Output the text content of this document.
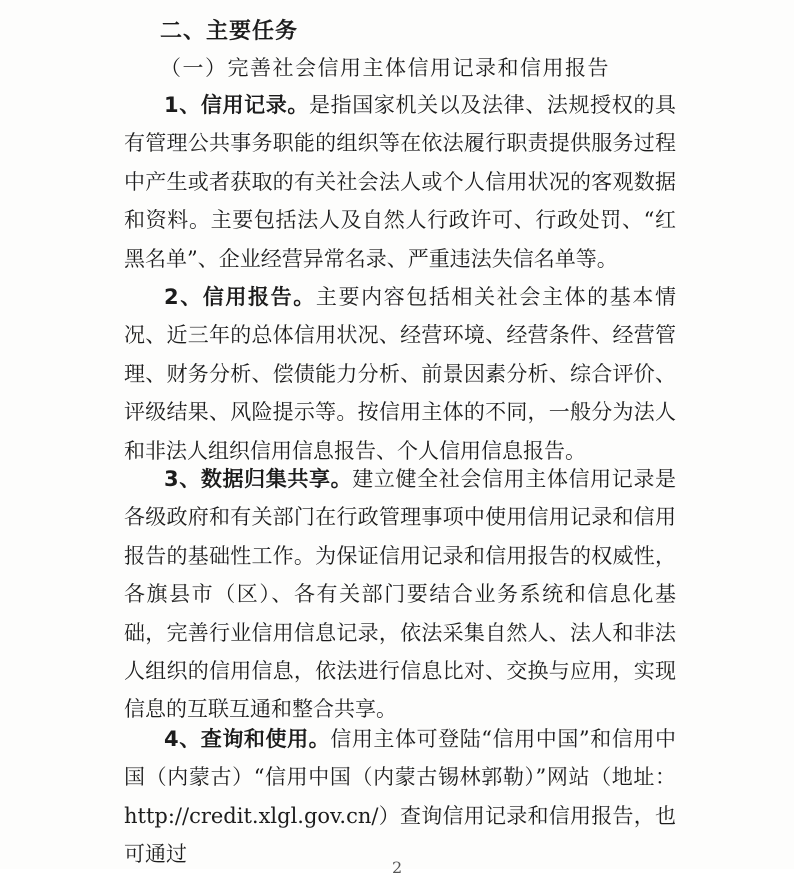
二、主要任务
（一）完善社会信用主体信用记录和信用报告

1、信用记录。是指国家机关以及法律、法规授权的具有管理公共事务职能的组织等在依法履行职责提供服务过程中产生或者获取的有关社会法人或个人信用状况的客观数据和资料。主要包括法人及自然人行政许可、行政处罚、“红黑名单”、企业经营异常名录、严重违法失信名单等。

2、信用报告。主要内容包括相关社会主体的基本情况、近三年的总体信用状况、经营环境、经营条件、经营管理、财务分析、偿债能力分析、前景因素分析、综合评价、评级结果、风险提示等。按信用主体的不同，一般分为法人和非法人组织信用信息报告、个人信用信息报告。

3、数据归集共享。建立健全社会信用主体信用记录是各级政府和有关部门在行政管理事项中使用信用记录和信用报告的基础性工作。为保证信用记录和信用报告的权威性，各旗县市（区）、各有关部门要结合业务系统和信息化基础，完善行业信用信息记录，依法采集自然人、法人和非法人组织的信用信息，依法进行信息比对、交换与应用，实现信息的互联互通和整合共享。

4、查询和使用。信用主体可登陆“信用中国”和信用中国（内蒙古）“信用中国（内蒙古锡林郭勒）”网站（地址：http://credit.xlgl.gov.cn/）查询信用记录和信用报告，也可通过

2
